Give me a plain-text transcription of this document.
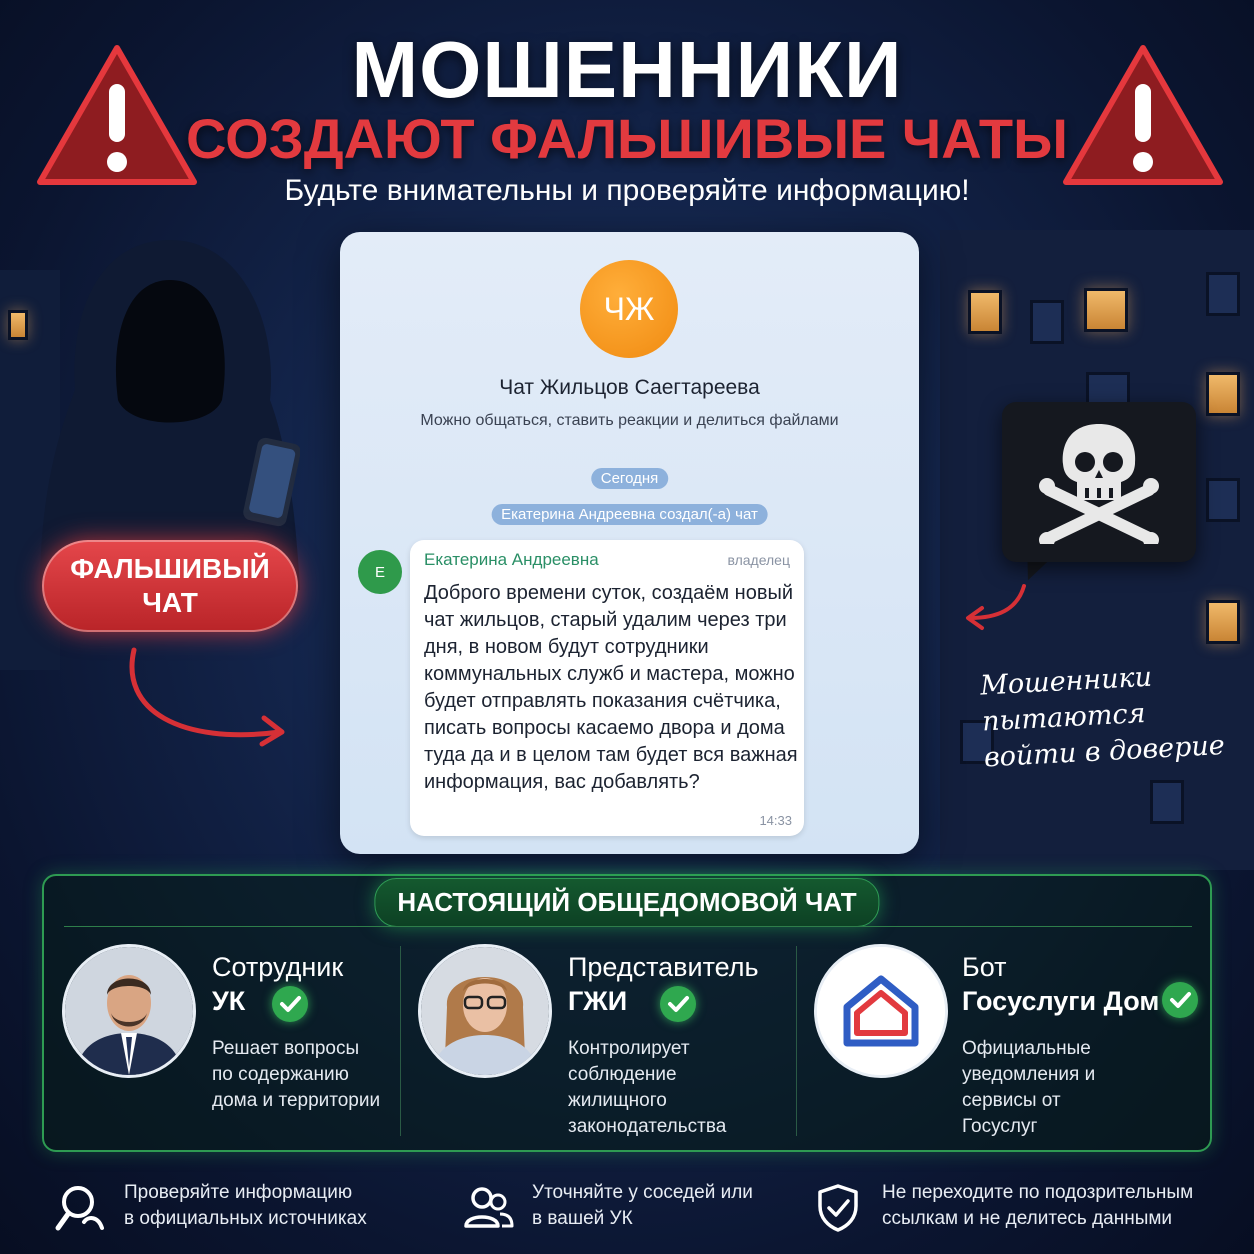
МОШЕННИКИ
СОЗДАЮТ ФАЛЬШИВЫЕ ЧАТЫ
Будьте внимательны и проверяйте информацию!
ФАЛЬШИВЫЙ
ЧАТ
ЧЖ
Чат Жильцов Саегтареева
Можно общаться, ставить реакции и делиться файлами
Сегодня
Екатерина Андреевна создал(-а) чат
Е
Екатерина Андреевна	владелец
Доброго времени суток, создаём новый чат жильцов, старый удалим через три дня, в новом будут сотрудники коммунальных служб и мастера, можно будет отправлять показания счётчика, писать вопросы касаемо двора и дома туда да и в целом там будет вся важная информация, вас добавлять?
14:33
Мошенники
пытаются
войти в доверие
НАСТОЯЩИЙ ОБЩЕДОМОВОЙ ЧАТ
Сотрудник
УК
Решает вопросы
по содержанию
дома и территории
Представитель
ГЖИ
Контролирует
соблюдение
жилищного
законодательства
Бот
Госуслуги Дом
Официальные
уведомления и
сервисы от
Госуслуг
Проверяйте информацию
в официальных источниках
Уточняйте у соседей или
в вашей УК
Не переходите по подозрительным
ссылкам и не делитесь данными
